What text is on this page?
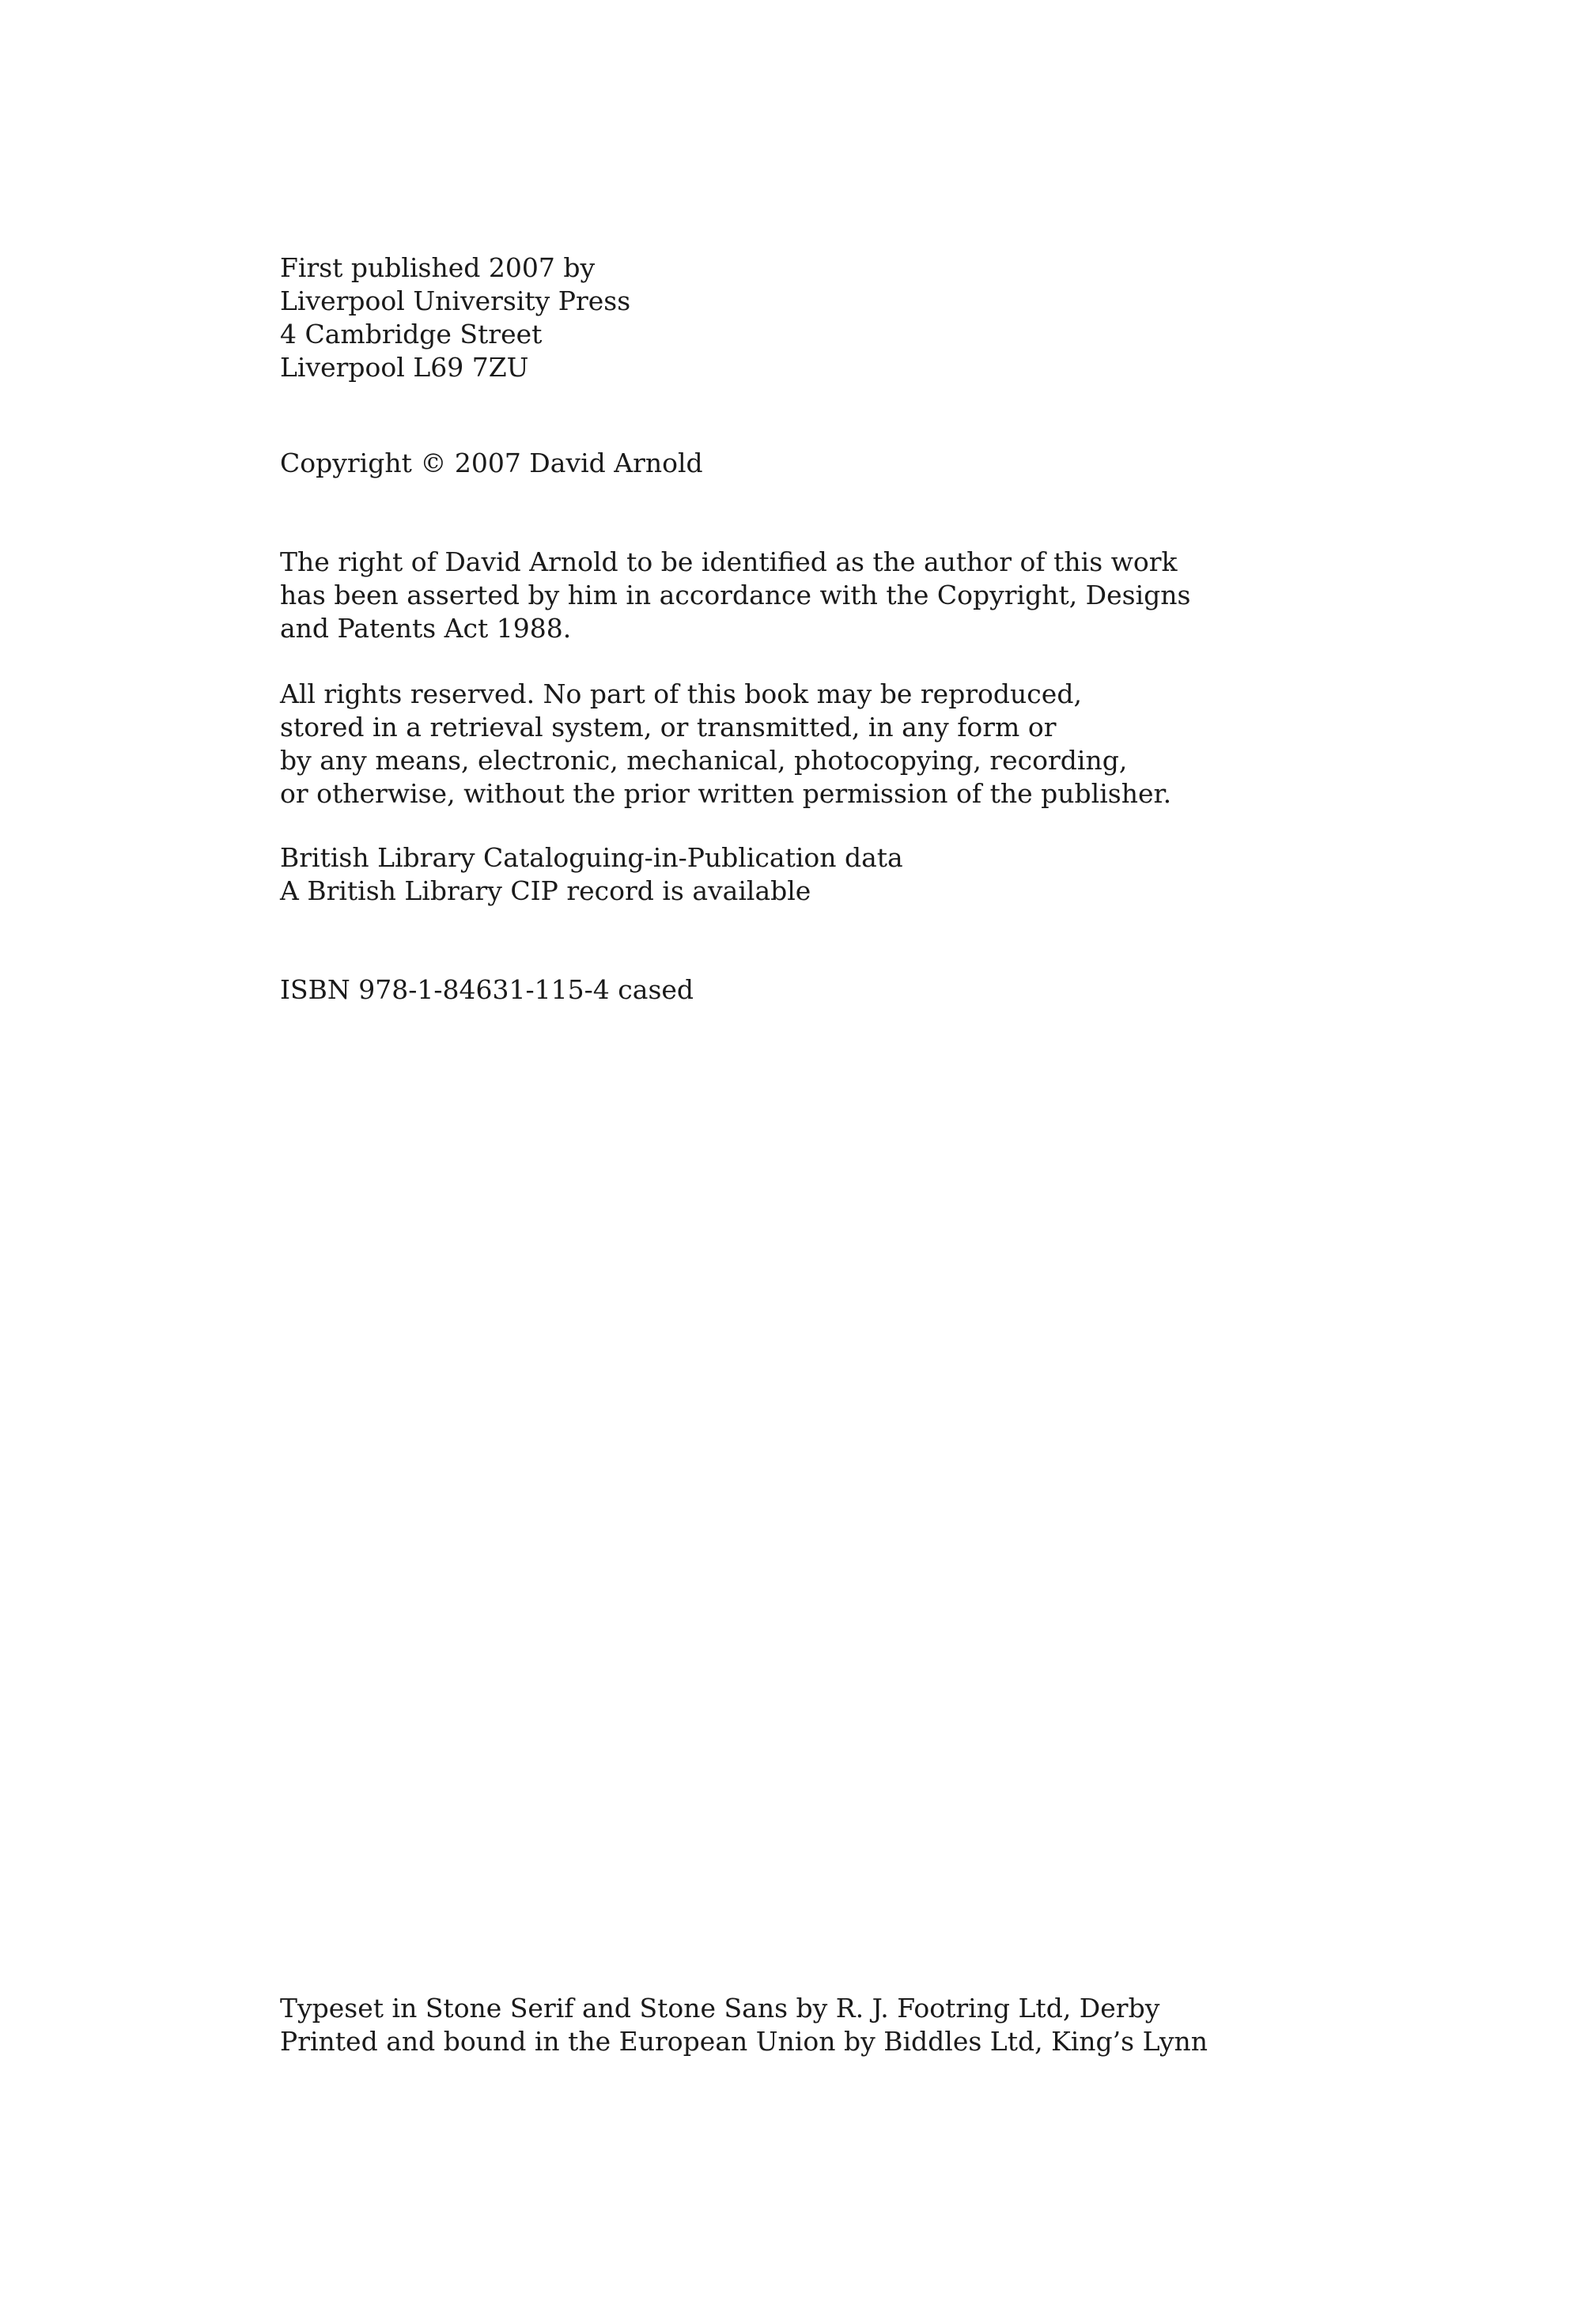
First published 2007 by
Liverpool University Press
4 Cambridge Street
Liverpool L69 7ZU
Copyright © 2007 David Arnold
The right of David Arnold to be identified as the author of this work
has been asserted by him in accordance with the Copyright, Designs
and Patents Act 1988.
All rights reserved. No part of this book may be reproduced,
stored in a retrieval system, or transmitted, in any form or
by any means, electronic, mechanical, photocopying, recording,
or otherwise, without the prior written permission of the publisher.
British Library Cataloguing-in-Publication data
A British Library CIP record is available
ISBN 978-1-84631-115-4 cased
Typeset in Stone Serif and Stone Sans by R. J. Footring Ltd, Derby
Printed and bound in the European Union by Biddles Ltd, King’s Lynn
